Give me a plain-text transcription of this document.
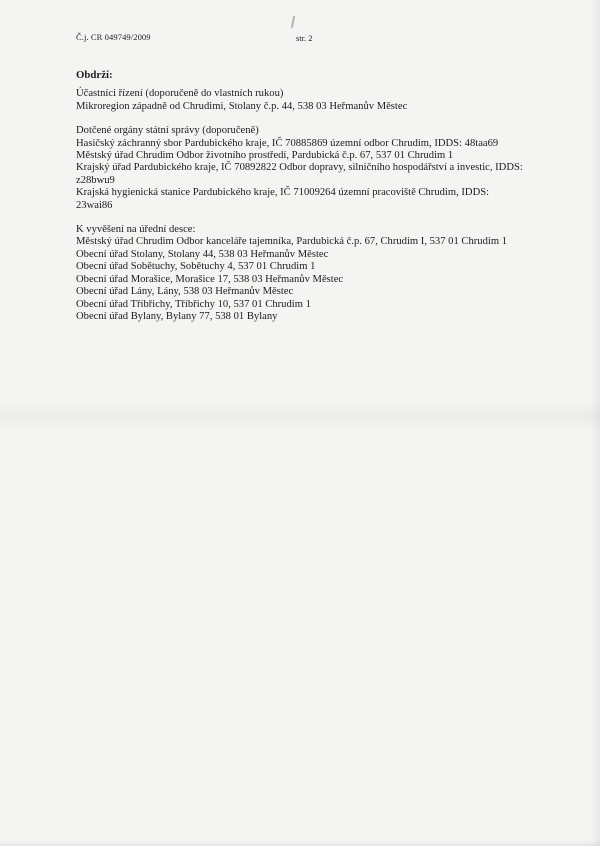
Č.j. CR 049749/2009	str. 2
Obdrží:
Účastníci řízení (doporučeně do vlastních rukou)
Mikroregion západně od Chrudimi, Stolany č.p. 44, 538 03 Heřmanův Městec
Dotčené orgány státní správy (doporučeně)
Hasičský záchranný sbor Pardubického kraje, IČ 70885869 územní odbor Chrudim, IDDS: 48taa69
Městský úřad Chrudim Odbor životního prostředí, Pardubická č.p. 67, 537 01 Chrudim 1
Krajský úřad Pardubického kraje, IČ 70892822 Odbor dopravy, silničního hospodářství a investic, IDDS:
z28bwu9
Krajská hygienická stanice Pardubického kraje, IČ 71009264 územní pracoviště Chrudim, IDDS:
23wai86
K vyvěšení na úřední desce:
Městský úřad Chrudim Odbor kanceláře tajemníka, Pardubická č.p. 67, Chrudim I, 537 01 Chrudim 1
Obecní úřad Stolany, Stolany 44, 538 03 Heřmanův Městec
Obecní úřad Sobětuchy, Sobětuchy 4, 537 01 Chrudim 1
Obecní úřad Morašice, Morašice 17, 538 03 Heřmanův Městec
Obecní úřad Lány, Lány, 538 03 Heřmanův Městec
Obecní úřad Tříbřichy, Tříbřichy 10, 537 01 Chrudim 1
Obecní úřad Bylany, Bylany 77, 538 01 Bylany
